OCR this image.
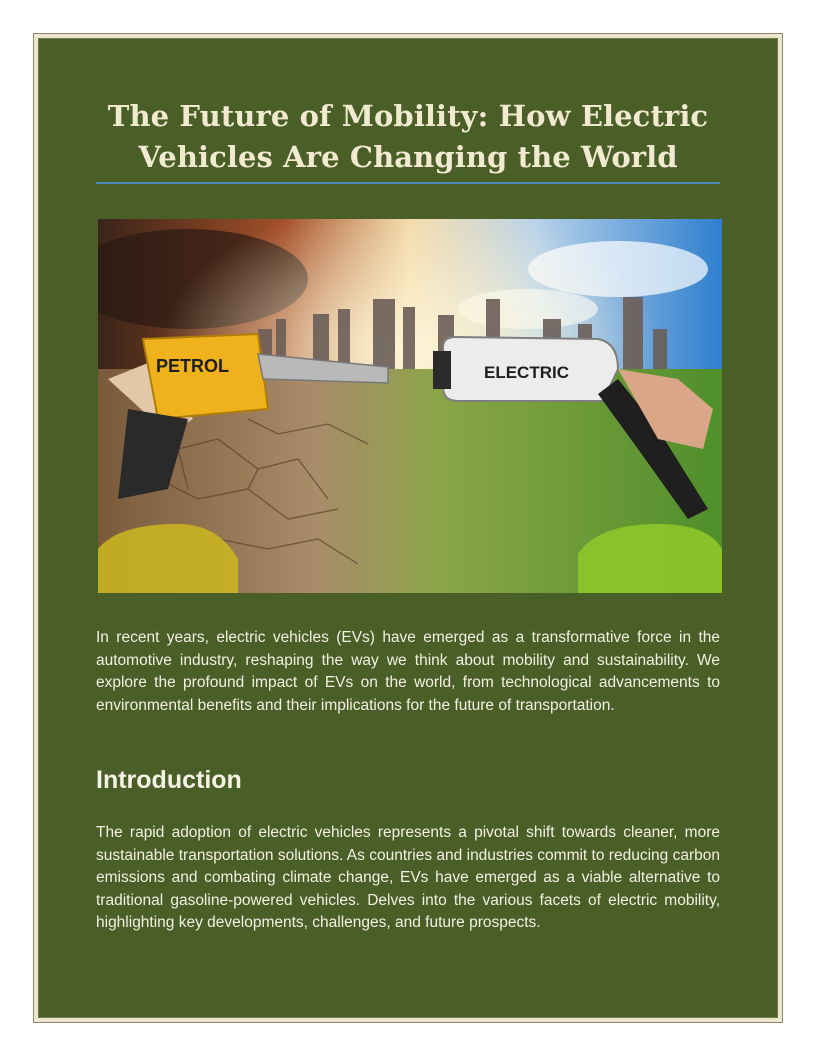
The Future of Mobility: How Electric Vehicles Are Changing the World
PETROL	ELECTRIC

In recent years, electric vehicles (EVs) have emerged as a transformative force in the automotive industry, reshaping the way we think about mobility and sustainability. We explore the profound impact of EVs on the world, from technological advancements to environmental benefits and their implications for the future of transportation.

Introduction

The rapid adoption of electric vehicles represents a pivotal shift towards cleaner, more sustainable transportation solutions. As countries and industries commit to reducing carbon emissions and combating climate change, EVs have emerged as a viable alternative to traditional gasoline-powered vehicles. Delves into the various facets of electric mobility, highlighting key developments, challenges, and future prospects.
